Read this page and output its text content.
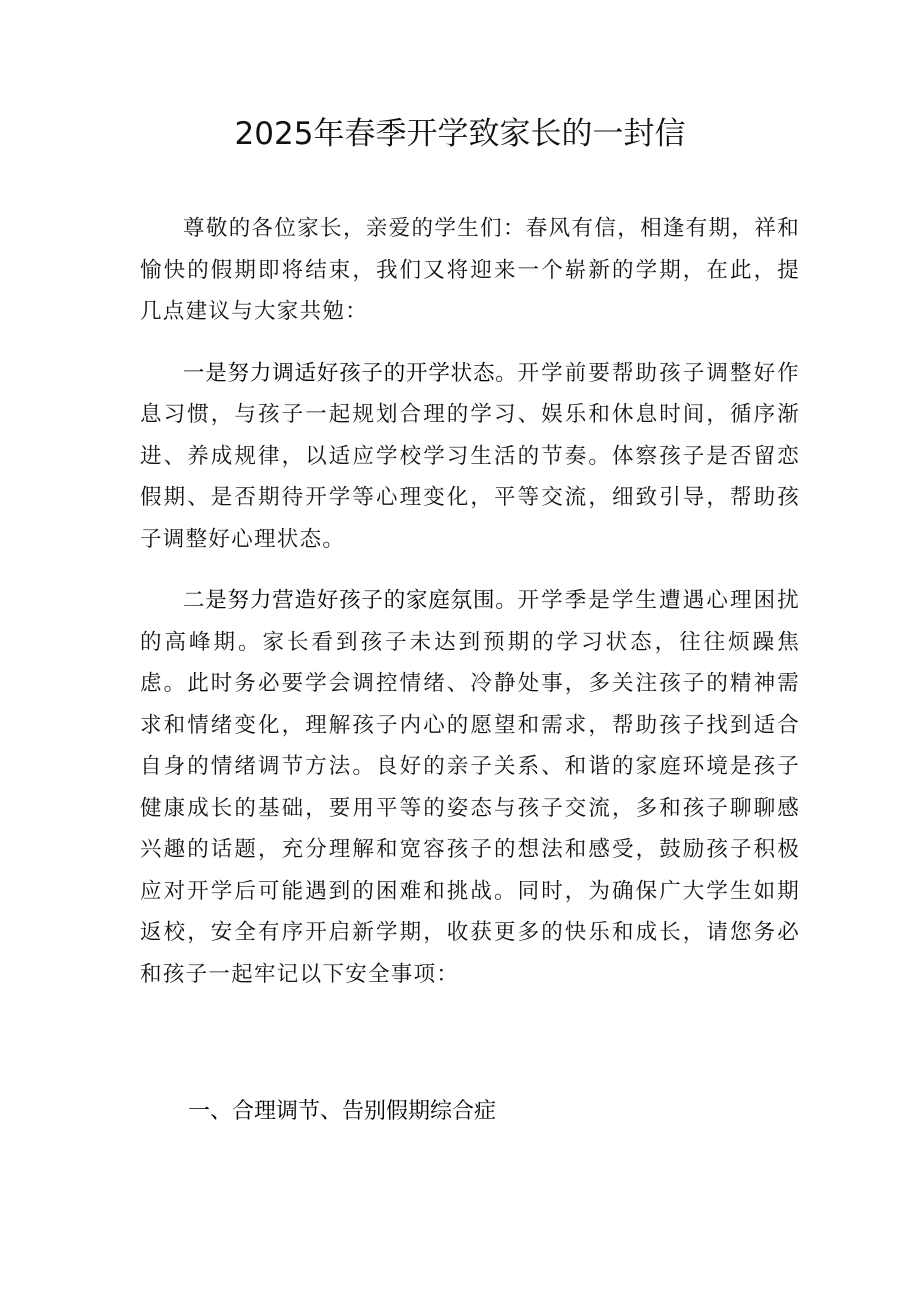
2025年春季开学致家长的一封信

尊敬的各位家长，亲爱的学生们：春风有信，相逢有期，祥和愉快的假期即将结束，我们又将迎来一个崭新的学期，在此，提几点建议与大家共勉：

一是努力调适好孩子的开学状态。开学前要帮助孩子调整好作息习惯，与孩子一起规划合理的学习、娱乐和休息时间，循序渐进、养成规律，以适应学校学习生活的节奏。体察孩子是否留恋假期、是否期待开学等心理变化，平等交流，细致引导，帮助孩子调整好心理状态。

二是努力营造好孩子的家庭氛围。开学季是学生遭遇心理困扰的高峰期。家长看到孩子未达到预期的学习状态，往往烦躁焦虑。此时务必要学会调控情绪、冷静处事，多关注孩子的精神需求和情绪变化，理解孩子内心的愿望和需求，帮助孩子找到适合自身的情绪调节方法。良好的亲子关系、和谐的家庭环境是孩子健康成长的基础，要用平等的姿态与孩子交流，多和孩子聊聊感兴趣的话题，充分理解和宽容孩子的想法和感受，鼓励孩子积极应对开学后可能遇到的困难和挑战。同时，为确保广大学生如期返校，安全有序开启新学期，收获更多的快乐和成长，请您务必和孩子一起牢记以下安全事项：

一、合理调节、告别假期综合症
